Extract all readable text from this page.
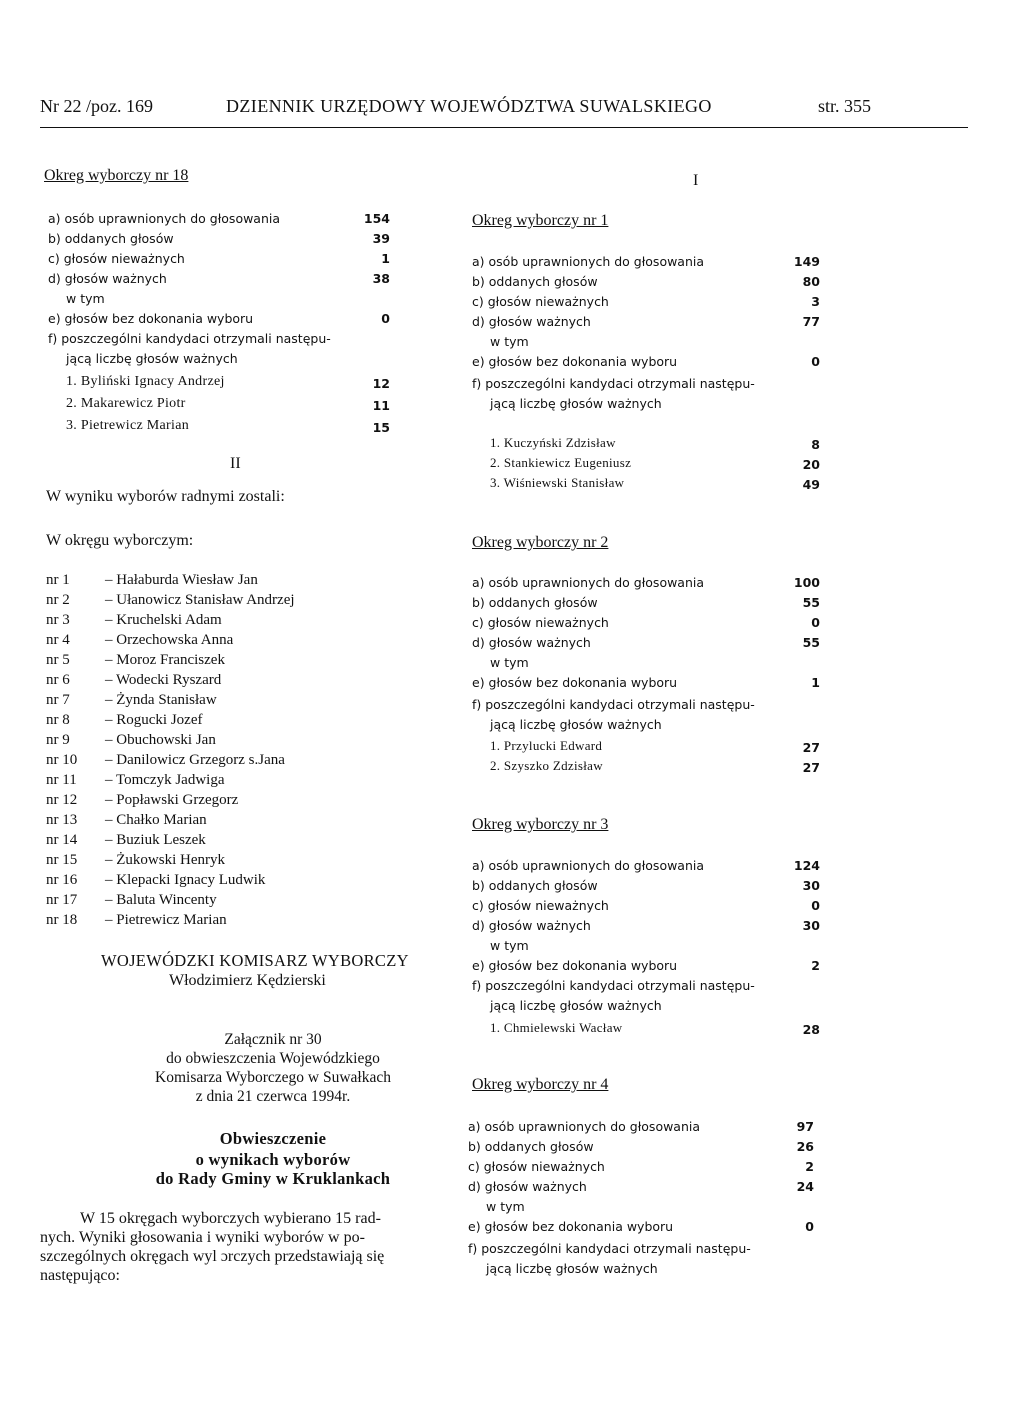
Nr 22 /poz. 169	DZIENNIK URZĘDOWY WOJEWÓDZTWA SUWALSKIEGO	str. 355
Okreg wyborczy nr 18
a) osób uprawnionych do głosowania	154
b) oddanych głosów	39
c) głosów nieważnych	1
d) głosów ważnych	38
w tym
e) głosów bez dokonania wyboru	0
f) poszczególni kandydaci otrzymali następu-
jącą liczbę głosów ważnych
1. Byliński Ignacy Andrzej	12
2. Makarewicz Piotr	11
3. Pietrewicz Marian	15
II
W wyniku wyborów radnymi zostali:
W okręgu wyborczym:
nr 1 – Hałaburda Wiesław Jan
nr 2 – Ułanowicz Stanisław Andrzej
nr 3 – Kruchelski Adam
nr 4 – Orzechowska Anna
nr 5 – Moroz Franciszek
nr 6 – Wodecki Ryszard
nr 7 – Żynda Stanisław
nr 8 – Rogucki Jozef
nr 9 – Obuchowski Jan
nr 10 – Danilowicz Grzegorz s.Jana
nr 11 – Tomczyk Jadwiga
nr 12 – Popławski Grzegorz
nr 13 – Chałko Marian
nr 14 – Buziuk Leszek
nr 15 – Żukowski Henryk
nr 16 – Klepacki Ignacy Ludwik
nr 17 – Baluta Wincenty
nr 18 – Pietrewicz Marian
WOJEWÓDZKI KOMISARZ WYBORCZY
Włodzimierz Kędzierski
Załącznik nr 30
do obwieszczenia Wojewódzkiego
Komisarza Wyborczego w Suwałkach
z dnia 21 czerwca 1994r.
Obwieszczenie
o wynikach wyborów
do Rady Gminy w Kruklankach
W 15 okręgach wyborczych wybierano 15 rad-
nych. Wyniki głosowania i wyniki wyborów w po-
szczególnych okręgach wyl ɔrczych przedstawiają się
następująco:
I
Okreg wyborczy nr 1
a) osób uprawnionych do głosowania	149
b) oddanych głosów	80
c) głosów nieważnych	3
d) głosów ważnych	77
w tym
e) głosów bez dokonania wyboru	0
f) poszczególni kandydaci otrzymali następu-
jącą liczbę głosów ważnych
1. Kuczyński Zdzisław	8
2. Stankiewicz Eugeniusz	20
3. Wiśniewski Stanisław	49
Okreg wyborczy nr 2
a) osób uprawnionych do głosowania	100
b) oddanych głosów	55
c) głosów nieważnych	0
d) głosów ważnych	55
w tym
e) głosów bez dokonania wyboru	1
f) poszczególni kandydaci otrzymali następu-
jącą liczbę głosów ważnych
1. Przylucki Edward	27
2. Szyszko Zdzisław	27
Okreg wyborczy nr 3
a) osób uprawnionych do głosowania	124
b) oddanych głosów	30
c) głosów nieważnych	0
d) głosów ważnych	30
w tym
e) głosów bez dokonania wyboru	2
f) poszczególni kandydaci otrzymali następu-
jącą liczbę głosów ważnych
1. Chmielewski Wacław	28
Okreg wyborczy nr 4
a) osób uprawnionych do głosowania	97
b) oddanych głosów	26
c) głosów nieważnych	2
d) głosów ważnych	24
w tym
e) głosów bez dokonania wyboru	0
f) poszczególni kandydaci otrzymali następu-
jącą liczbę głosów ważnych
